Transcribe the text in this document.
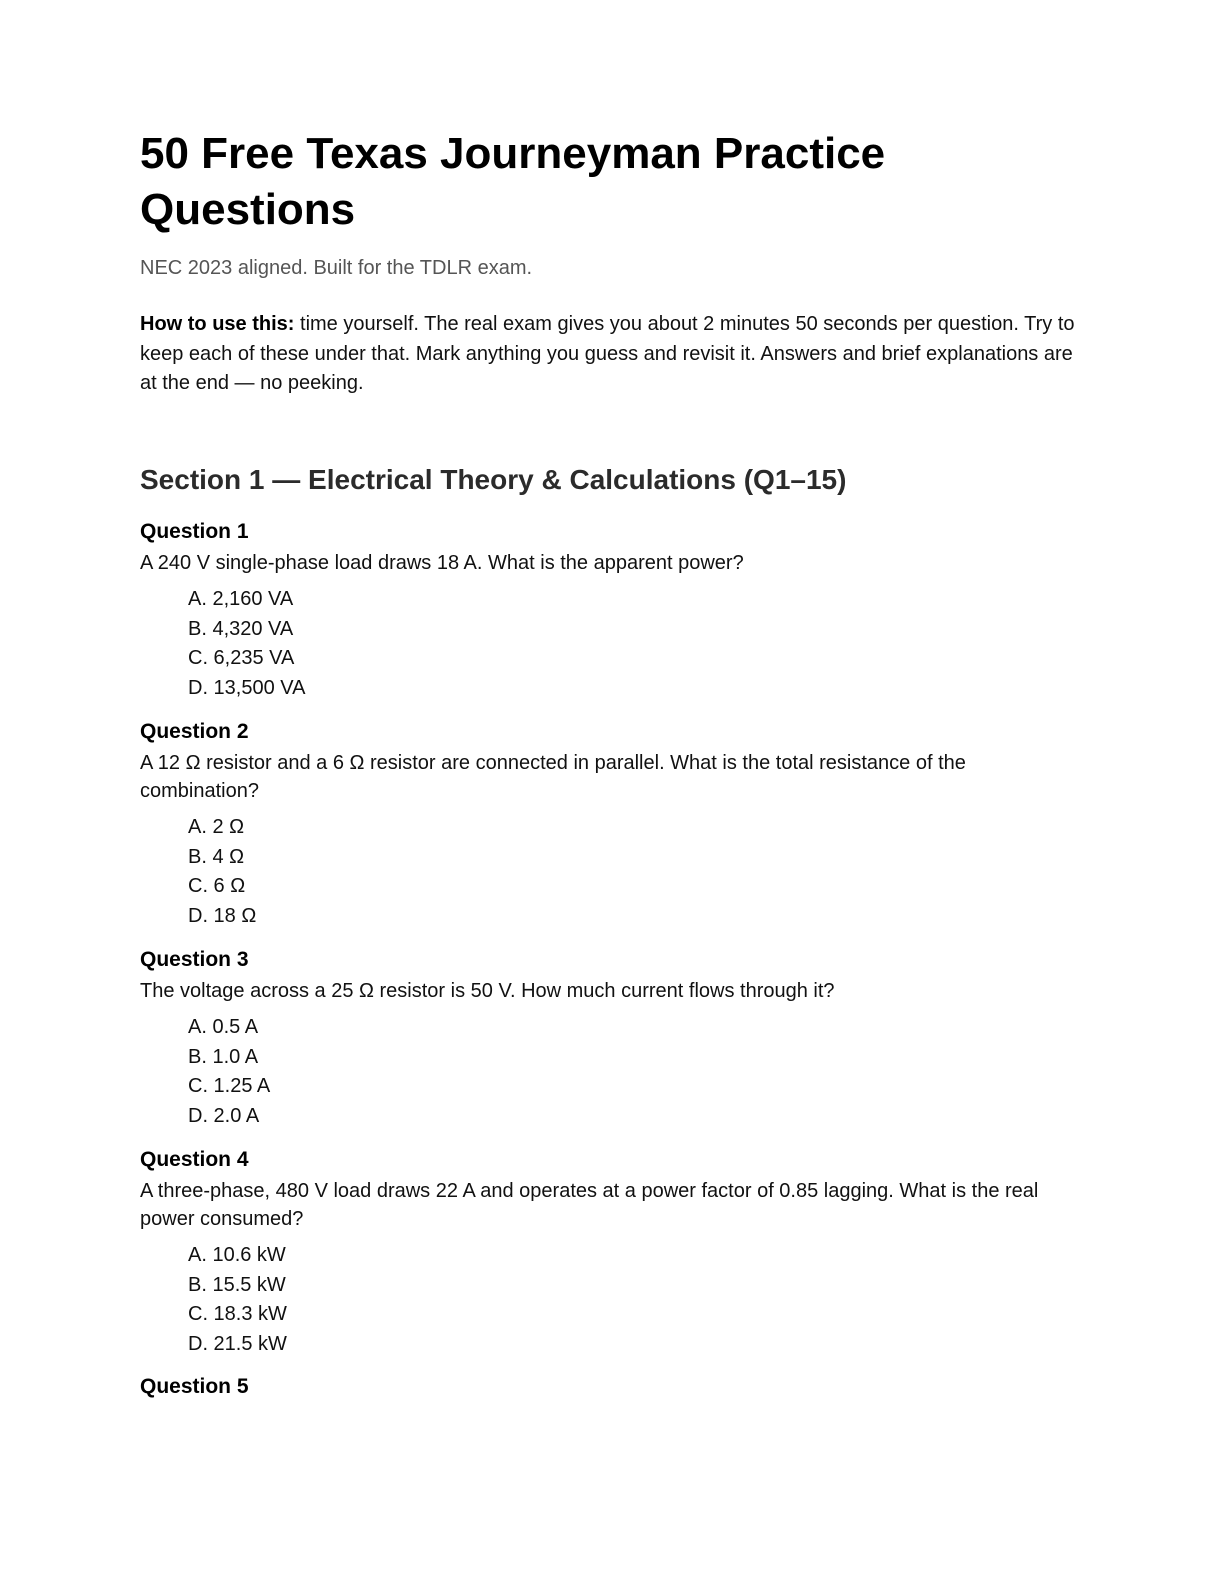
50 Free Texas Journeyman Practice Questions

NEC 2023 aligned. Built for the TDLR exam.

How to use this: time yourself. The real exam gives you about 2 minutes 50 seconds per question. Try to keep each of these under that. Mark anything you guess and revisit it. Answers and brief explanations are at the end — no peeking.

Section 1 — Electrical Theory & Calculations (Q1–15)

Question 1

A 240 V single-phase load draws 18 A. What is the apparent power?

A. 2,160 VA
B. 4,320 VA
C. 6,235 VA
D. 13,500 VA

Question 2

A 12 Ω resistor and a 6 Ω resistor are connected in parallel. What is the total resistance of the combination?

A. 2 Ω
B. 4 Ω
C. 6 Ω
D. 18 Ω

Question 3

The voltage across a 25 Ω resistor is 50 V. How much current flows through it?

A. 0.5 A
B. 1.0 A
C. 1.25 A
D. 2.0 A

Question 4

A three-phase, 480 V load draws 22 A and operates at a power factor of 0.85 lagging. What is the real power consumed?

A. 10.6 kW
B. 15.5 kW
C. 18.3 kW
D. 21.5 kW

Question 5
